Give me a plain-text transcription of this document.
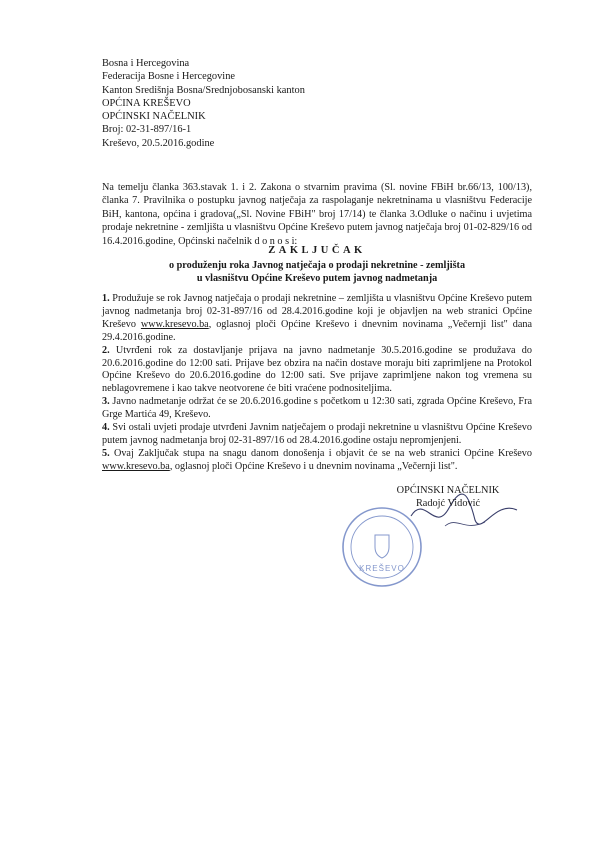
Bosna i Hercegovina
Federacija Bosne i Hercegovine
Kanton Središnja Bosna/Srednjobosanski kanton
OPĆINA KREŠEVO
OPĆINSKI NAČELNIK
Broj: 02-31-897/16-1
Kreševo, 20.5.2016.godine
Na temelju članka 363.stavak 1. i 2. Zakona o stvarnim pravima (Sl. novine FBiH br.66/13, 100/13), članka 7. Pravilnika o postupku javnog natječaja za raspolaganje nekretninama u vlasništvu Federacije BiH, kantona, općina i gradova(„Sl. Novine FBiH" broj 17/14) te članka 3.Odluke o načinu i uvjetima prodaje nekretnine - zemljišta u vlasništvu Općine Kreševo putem javnog natječaja broj 01-02-829/16 od 16.4.2016.godine, Općinski načelnik d o n o s i:
ZAKLJUČAK
o produženju roka Javnog natječaja o prodaji nekretnine - zemljišta
u vlasništvu Općine Kreševo putem javnog nadmetanja

1. Produžuje se rok Javnog natječaja o prodaji nekretnine – zemljišta u vlasništvu Općine Kreševo putem javnog nadmetanja broj 02-31-897/16 od 28.4.2016.godine koji je objavljen na web stranici Općine Kreševo www.kresevo.ba, oglasnoj ploči Općine Kreševo i dnevnim novinama „Večernji list" dana 29.4.2016.godine.

2. Utvrđeni rok za dostavljanje prijava na javno nadmetanje 30.5.2016.godine se produžava do 20.6.2016.godine do 12:00 sati. Prijave bez obzira na način dostave moraju biti zaprimljene na Protokol Općine Kreševo do 20.6.2016.godine do 12:00 sati. Sve prijave zaprimljene nakon tog vremena su neblagovremene i kao takve neotvorene će biti vraćene podnositeljima.

3. Javno nadmetanje održat će se 20.6.2016.godine s početkom u 12:30 sati, zgrada Općine Kreševo, Fra Grge Martića 49, Kreševo.

4. Svi ostali uvjeti prodaje utvrđeni Javnim natječajem o prodaji nekretnine u vlasništvu Općine Kreševo putem javnog nadmetanja broj 02-31-897/16 od 28.4.2016.godine ostaju nepromjenjeni.

5. Ovaj Zaključak stupa na snagu danom donošenja i objavit će se na web stranici Općine Kreševo www.kresevo.ba, oglasnoj ploči Općine Kreševo i u dnevnim novinama „Večernji list".

KREŠEVO
OPĆINSKI NAČELNIK
Radojć Vidović
